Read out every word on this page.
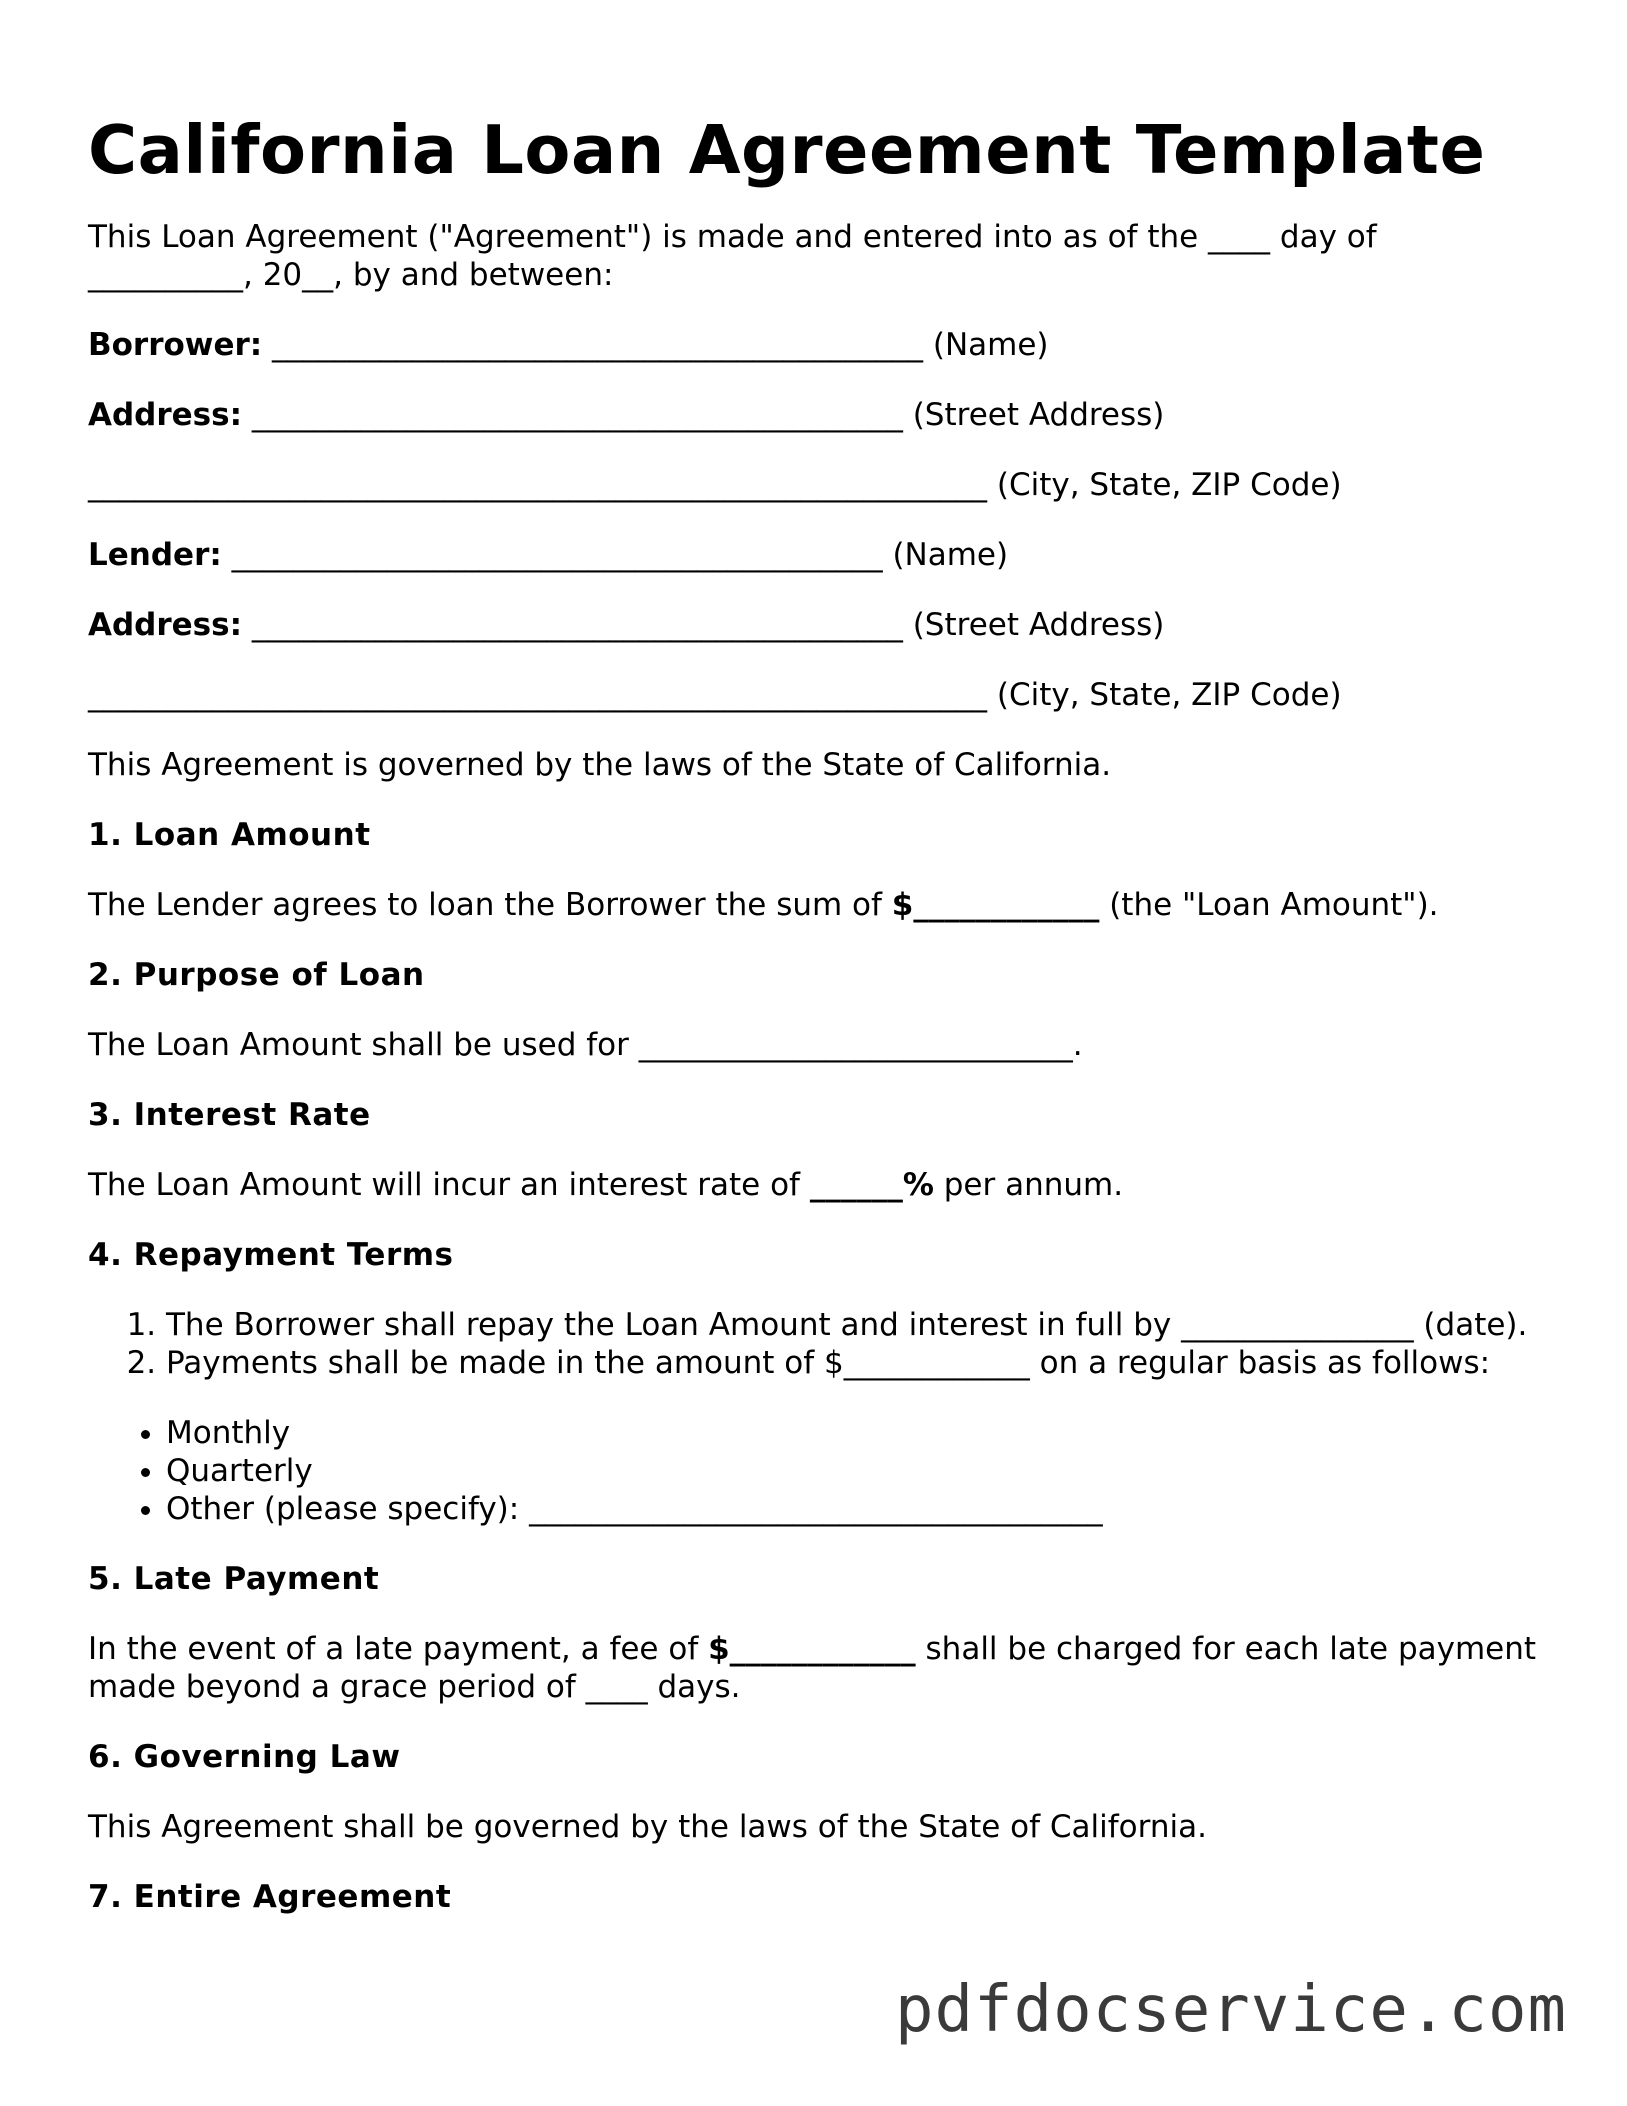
California Loan Agreement Template

This Loan Agreement ("Agreement") is made and entered into as of the ____ day of
__________, 20__, by and between:

Borrower: __________________________________________ (Name)
Address: __________________________________________ (Street Address)
__________________________________________________________ (City, State, ZIP Code)
Lender: __________________________________________ (Name)
Address: __________________________________________ (Street Address)
__________________________________________________________ (City, State, ZIP Code)

This Agreement is governed by the laws of the State of California.

1. Loan Amount

The Lender agrees to loan the Borrower the sum of $____________ (the "Loan Amount").

2. Purpose of Loan

The Loan Amount shall be used for ____________________________.

3. Interest Rate

The Loan Amount will incur an interest rate of ______% per annum.

4. Repayment Terms
1. The Borrower shall repay the Loan Amount and interest in full by _______________ (date).
2. Payments shall be made in the amount of $____________ on a regular basis as follows:
• Monthly
• Quarterly
• Other (please specify): _____________________________________
5. Late Payment

In the event of a late payment, a fee of $____________ shall be charged for each late payment made beyond a grace period of ____ days.

6. Governing Law

This Agreement shall be governed by the laws of the State of California.

7. Entire Agreement
pdfdocservice.com
